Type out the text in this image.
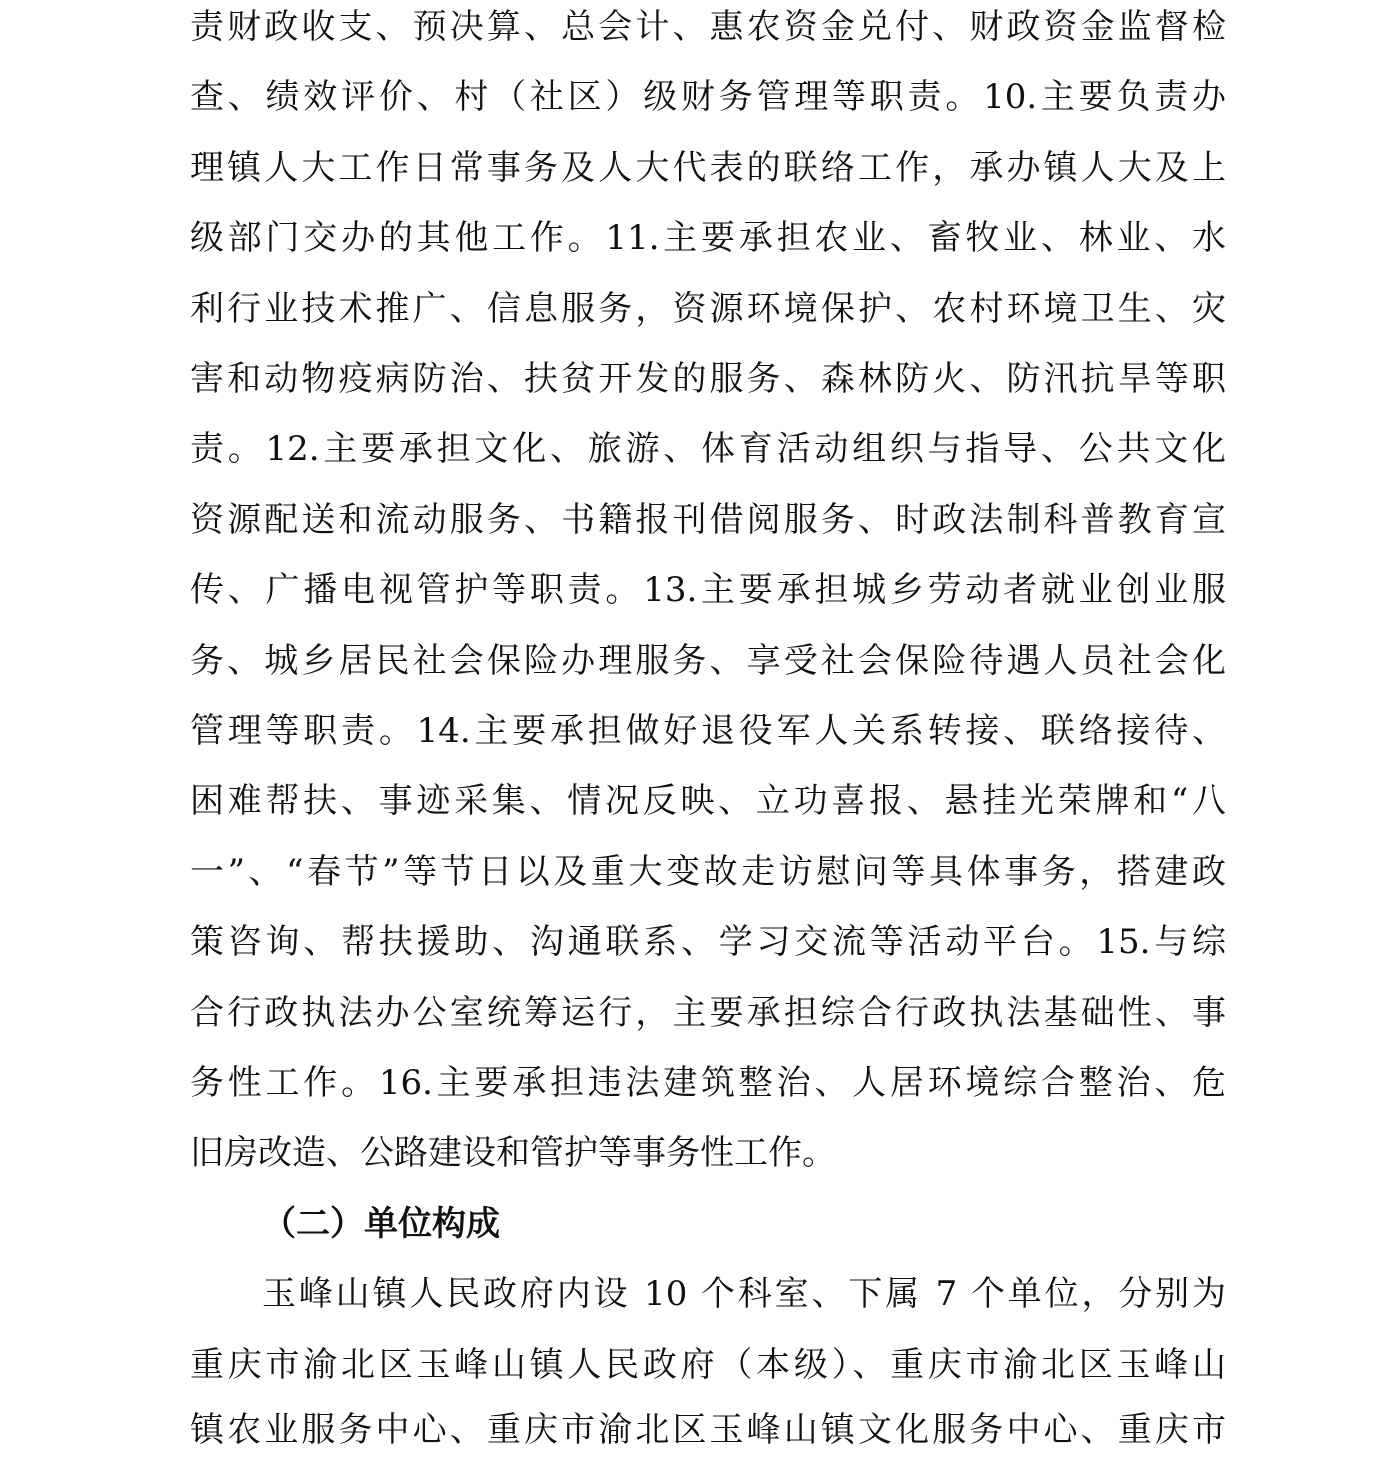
责财政收支、预决算、总会计、惠农资金兑付、财政资金监督检
查、绩效评价、村（社区）级财务管理等职责。10.主要负责办
理镇人大工作日常事务及人大代表的联络工作，承办镇人大及上
级部门交办的其他工作。11.主要承担农业、畜牧业、林业、水
利行业技术推广、信息服务，资源环境保护、农村环境卫生、灾
害和动物疫病防治、扶贫开发的服务、森林防火、防汛抗旱等职
责。12.主要承担文化、旅游、体育活动组织与指导、公共文化
资源配送和流动服务、书籍报刊借阅服务、时政法制科普教育宣
传、广播电视管护等职责。13.主要承担城乡劳动者就业创业服
务、城乡居民社会保险办理服务、享受社会保险待遇人员社会化
管理等职责。14.主要承担做好退役军人关系转接、联络接待、
困难帮扶、事迹采集、情况反映、立功喜报、悬挂光荣牌和“八
一”、“春节”等节日以及重大变故走访慰问等具体事务，搭建政
策咨询、帮扶援助、沟通联系、学习交流等活动平台。15.与综
合行政执法办公室统筹运行，主要承担综合行政执法基础性、事
务性工作。16.主要承担违法建筑整治、人居环境综合整治、危
旧房改造、公路建设和管护等事务性工作。
（二）单位构成
玉峰山镇人民政府内设 10 个科室、下属 7 个单位，分别为
重庆市渝北区玉峰山镇人民政府（本级）、重庆市渝北区玉峰山
镇农业服务中心、重庆市渝北区玉峰山镇文化服务中心、重庆市
